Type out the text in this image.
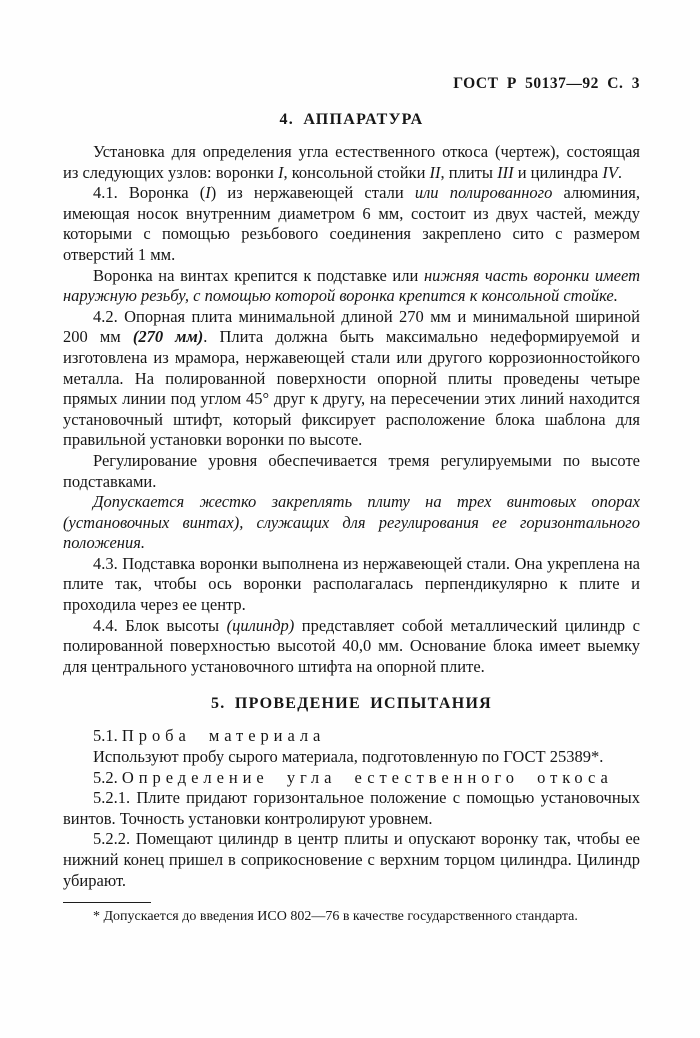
ГОСТ Р 50137—92 С. 3
4. АППАРАТУРА

Установка для определения угла естественного откоса (чертеж), состоящая из следующих узлов: воронки I, консольной стойки II, плиты III и цилиндра IV.

4.1. Воронка (I) из нержавеющей стали или полированного алюминия, имеющая носок внутренним диаметром 6 мм, состоит из двух частей, между которыми с помощью резьбового соединения закреплено сито с размером отверстий 1 мм.

Воронка на винтах крепится к подставке или нижняя часть воронки имеет наружную резьбу, с помощью которой воронка крепится к консольной стойке.

4.2. Опорная плита минимальной длиной 270 мм и минимальной шириной 200 мм (270 мм). Плита должна быть максимально недеформируемой и изготовлена из мрамора, нержавеющей стали или другого коррозионностойкого металла. На полированной поверхности опорной плиты проведены четыре прямых линии под углом 45° друг к другу, на пересечении этих линий находится установочный штифт, который фиксирует расположение блока шаблона для правильной установки воронки по высоте.

Регулирование уровня обеспечивается тремя регулируемыми по высоте подставками.

Допускается жестко закреплять плиту на трех винтовых опорах (установочных винтах), служащих для регулирования ее горизонтального положения.

4.3. Подставка воронки выполнена из нержавеющей стали. Она укреплена на плите так, чтобы ось воронки располагалась перпендикулярно к плите и проходила через ее центр.

4.4. Блок высоты (цилиндр) представляет собой металлический цилиндр с полированной поверхностью высотой 40,0 мм. Основание блока имеет выемку для центрального установочного штифта на опорной плите.

5. ПРОВЕДЕНИЕ ИСПЫТАНИЯ

5.1. Проба материала

Используют пробу сырого материала, подготовленную по ГОСТ 25389*.

5.2. Определение угла естественного откоса

5.2.1. Плите придают горизонтальное положение с помощью установочных винтов. Точность установки контролируют уровнем.

5.2.2. Помещают цилиндр в центр плиты и опускают воронку так, чтобы ее нижний конец пришел в соприкосновение с верхним торцом цилиндра. Цилиндр убирают.

* Допускается до введения ИСО 802—76 в качестве государственного стандарта.
